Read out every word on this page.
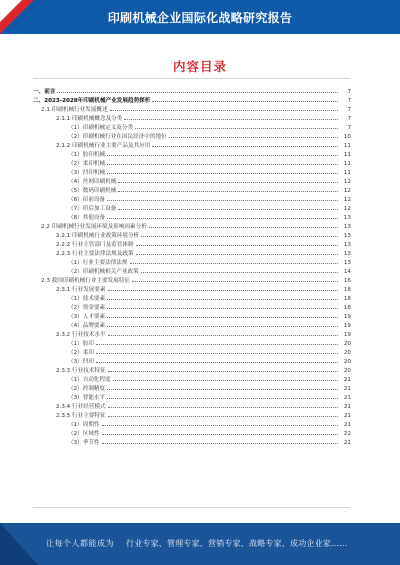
印刷机械企业国际化战略研究报告
内容目录
一、前言	7
二、2023-2028年印刷机械产业发展趋势探析	7
2.1 印刷机械行业发展概述	7
2.1.1 印刷机械概念及分类	7
（1）印刷机械定义及分类	7
（2）印刷机械行业在国民经济中的地位	10
2.1.2 印刷机械行业主要产品及其应用	11
（1）胶印机械	11
（2）柔印机械	11
（3）凹印机械	11
（4）丝网印刷机械	12
（5）数码印刷机械	12
（6）印前设备	12
（7）印后加工设备	12
（8）其他设备	13
2.2 印刷机械行业发展环境及影响因素分析	13
2.2.1 印刷机械行业政策环境分析	13
2.2.2 行业主管部门及监管体制	13
2.2.3 行业主要法律法规及政策	13
（1）行业主要法律法规	13
（2）印刷机械相关产业政策	14
2.3 我国印刷机械行业主要发展特征	16
2.3.1 行业发展要素	18
（1）技术要素	18
（2）资金要素	18
（3）人才要素	19
（4）品牌要素	19
2.3.2 行业技术水平	19
（1）胶印	20
（2）柔印	20
（3）凹印	20
2.3.3 行业技术特征	20
（1）自动化程度	21
（2）控制精度	21
（3）智能水平	21
2.3.4 行业经营模式	21
2.3.5 行业主要特征	21
（1）周期性	21
（2）区域性	22
（3）季节性	22
让每个人都能成为 行业专家、管理专家、营销专家、战略专家、成功企业家……
